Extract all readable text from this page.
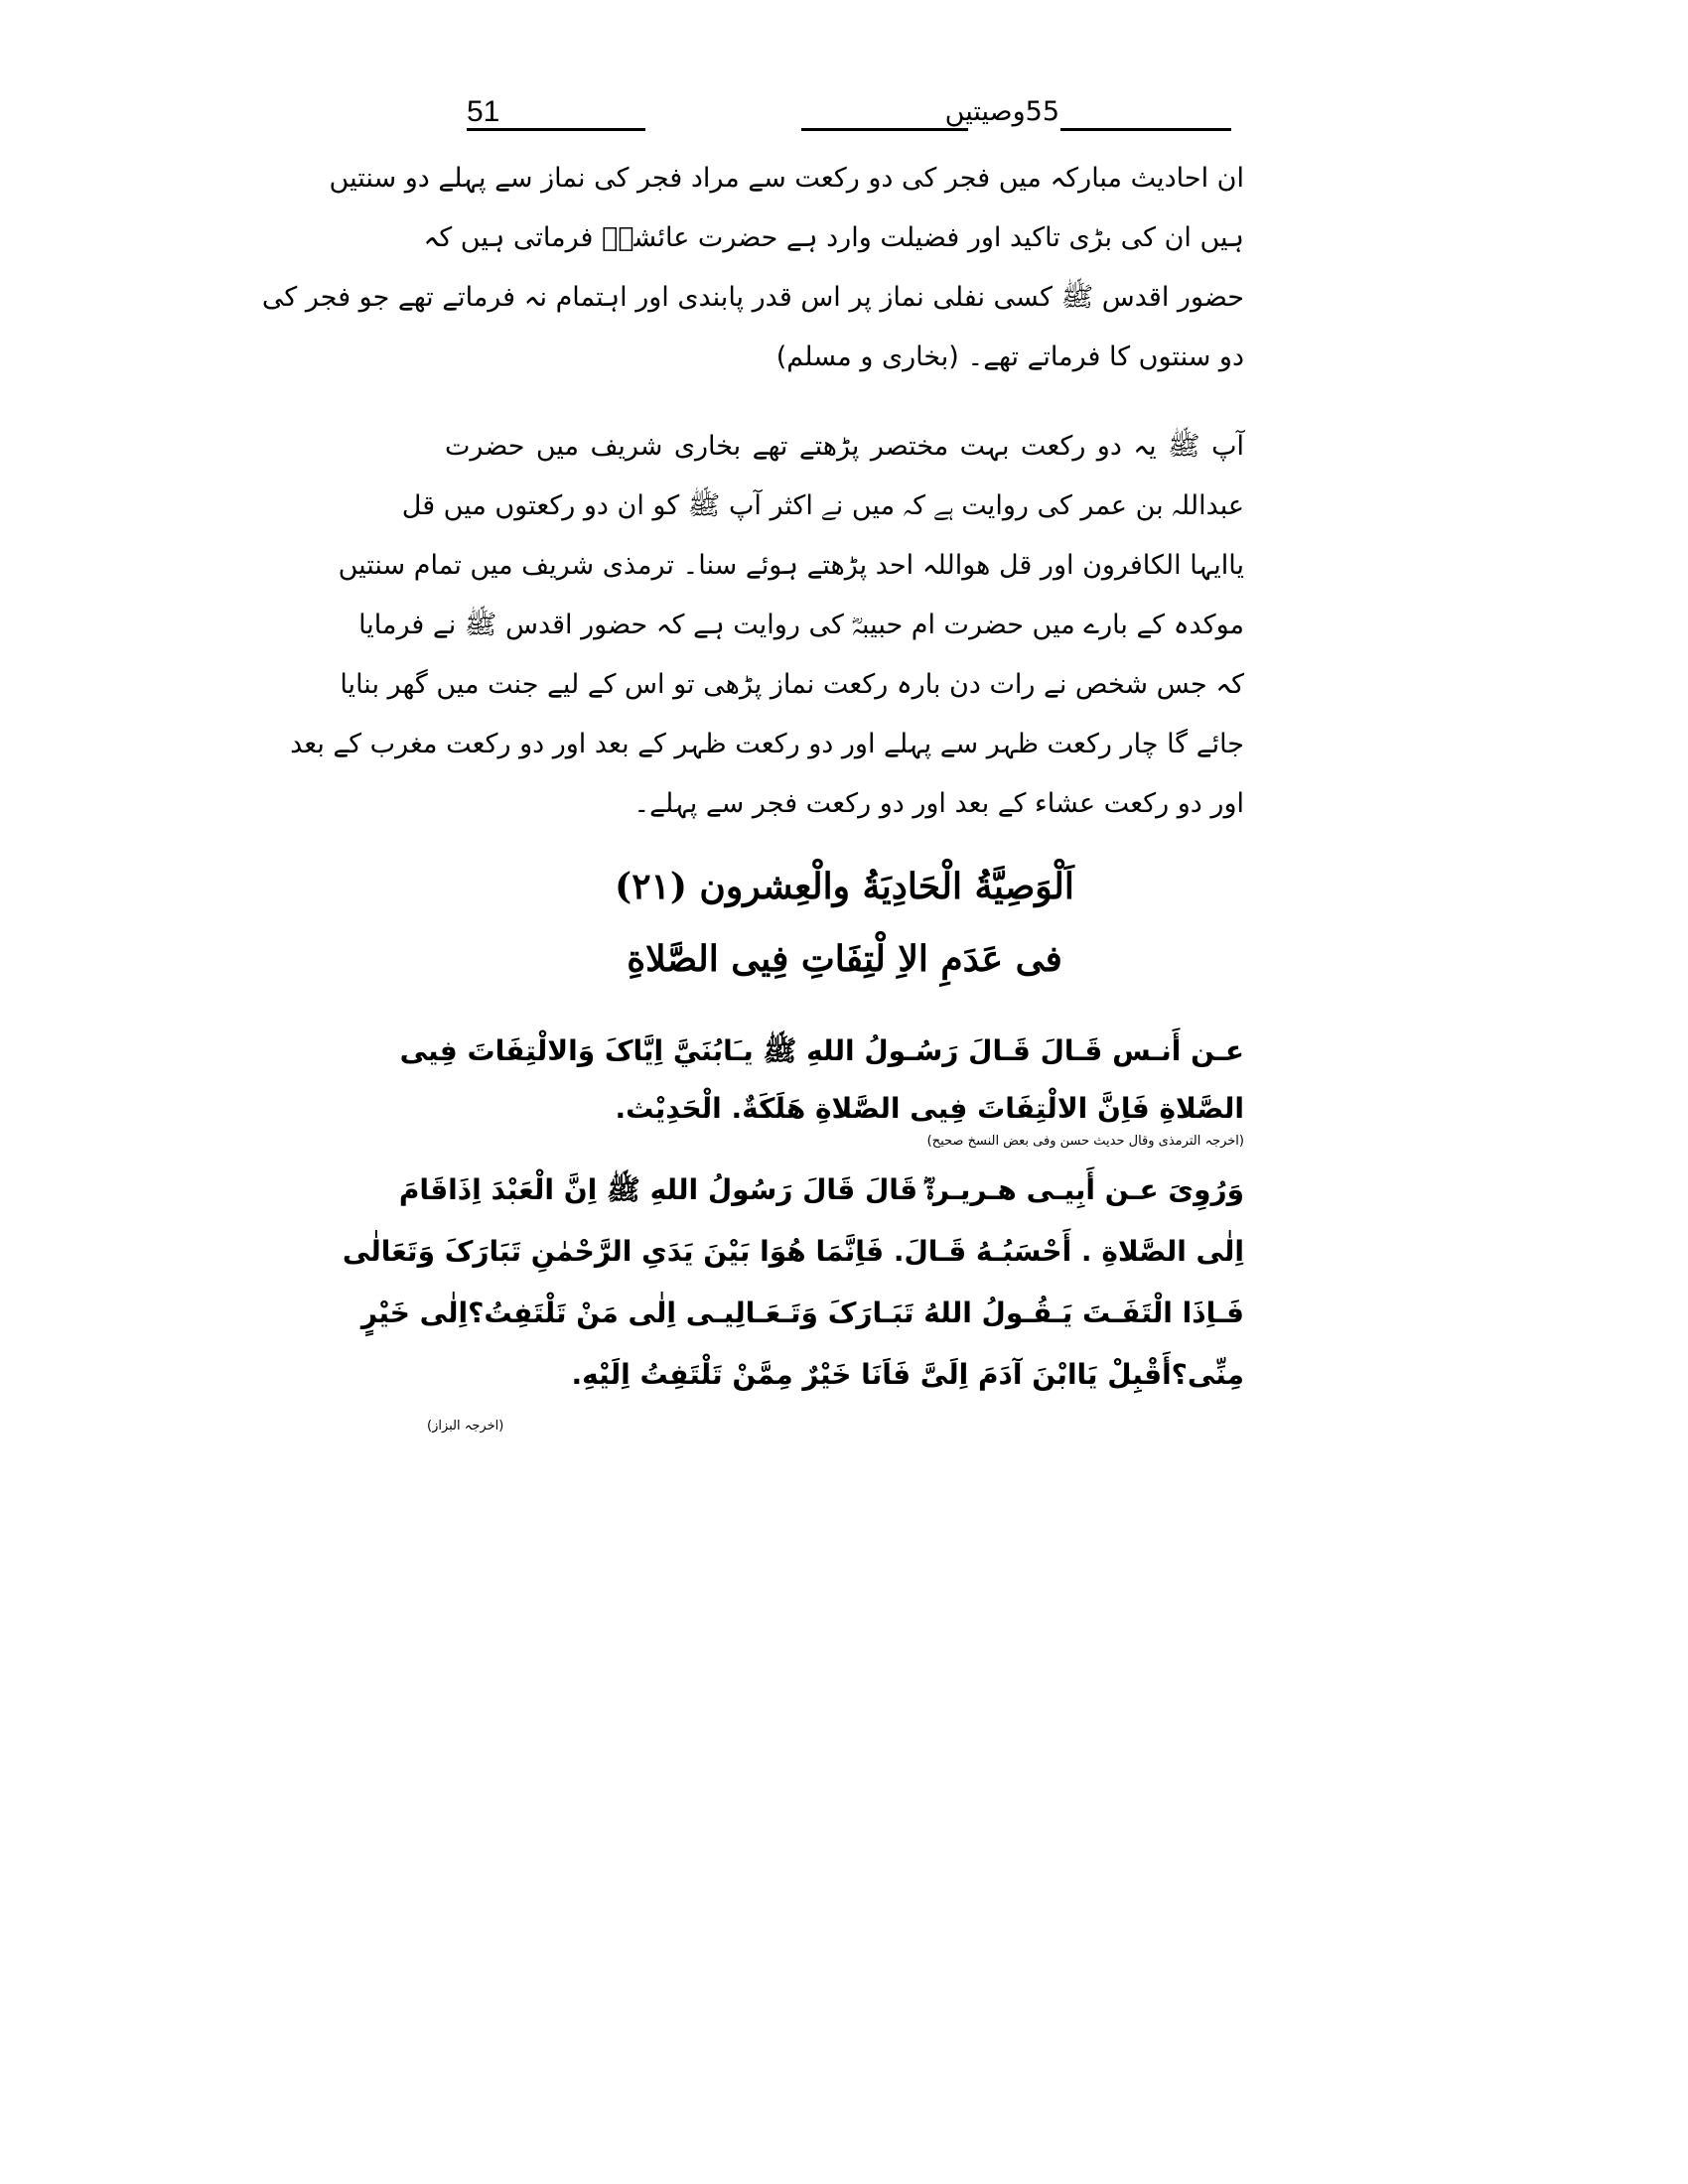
51	55وصیتیں
ان احادیث مبارکہ میں فجر کی دو رکعت سے مراد فجر کی نماز سے پہلے دو سنتیں
ہیں ان کی بڑی تاکید اور فضیلت وارد ہے حضرت عائشہؓ فرماتی ہیں کہ
حضور اقدس ﷺ کسی نفلی نماز پر اس قدر پابندی اور اہتمام نہ فرماتے تھے جو فجر کی
دو سنتوں کا فرماتے تھے۔ (بخاری و مسلم)
آپ ﷺ یہ دو رکعت بہت مختصر پڑھتے تھے بخاری شریف میں حضرت
عبداللہ بن عمر کی روایت ہے کہ میں نے اکثر آپ ﷺ کو ان دو رکعتوں میں قل
یاایہا الکافرون اور قل ھواللہ احد پڑھتے ہوئے سنا۔ ترمذی شریف میں تمام سنتیں
موکدہ کے بارے میں حضرت ام حبیبہؓ کی روایت ہے کہ حضور اقدس ﷺ نے فرمایا
کہ جس شخص نے رات دن بارہ رکعت نماز پڑھی تو اس کے لیے جنت میں گھر بنایا
جائے گا چار رکعت ظہر سے پہلے اور دو رکعت ظہر کے بعد اور دو رکعت مغرب کے بعد
اور دو رکعت عشاء کے بعد اور دو رکعت فجر سے پہلے۔
اَلْوَصِیَّةُ الْحَادِیَةُ والْعِشرون (۲۱)
فی عَدَمِ الاِ لْتِفَاتِ فِیی الصَّلاةِ
عـن أَنـس قَـالَ قَـالَ رَسُـولُ اللهِ ﷺ يـَابُنَيَّ اِيَّاکَ وَالالْتِفَاتَ فِيی
الصَّلاةِ فَاِنَّ الالْتِفَاتَ فِيی الصَّلاةِ هَلَكَةٌ. الْحَدِيْث.
(اخرجہ الترمذی وقال حدیث حسن وفی بعض النسخ صحیح)
وَرُوِیَ عـن أَبِيـی هـريـرةؓ قَالَ قَالَ رَسُولُ اللهِ ﷺ اِنَّ الْعَبْدَ اِذَاقَامَ
اِلٰی الصَّلاةِ . أَحْسَبُـهُ قَـالَ. فَاِنَّمَا هُوَا بَيْنَ يَدَیِ الرَّحْمٰنِ تَبَارَکَ وَتَعَالٰی
فَـاِذَا الْتَفَـتَ يَـقُـولُ اللهُ تَبَـارَکَ وَتَـعَـالِيـی اِلٰی مَنْ تَلْتَفِتُ؟اِلٰی خَيْرٍ
مِنِّی؟أَقْبِلْ يَاابْنَ آدَمَ اِلَیَّ فَاَنَا خَيْرٌ مِمَّنْ تَلْتَفِتُ اِلَيْهِ.
(اخرجہ البزاز)
